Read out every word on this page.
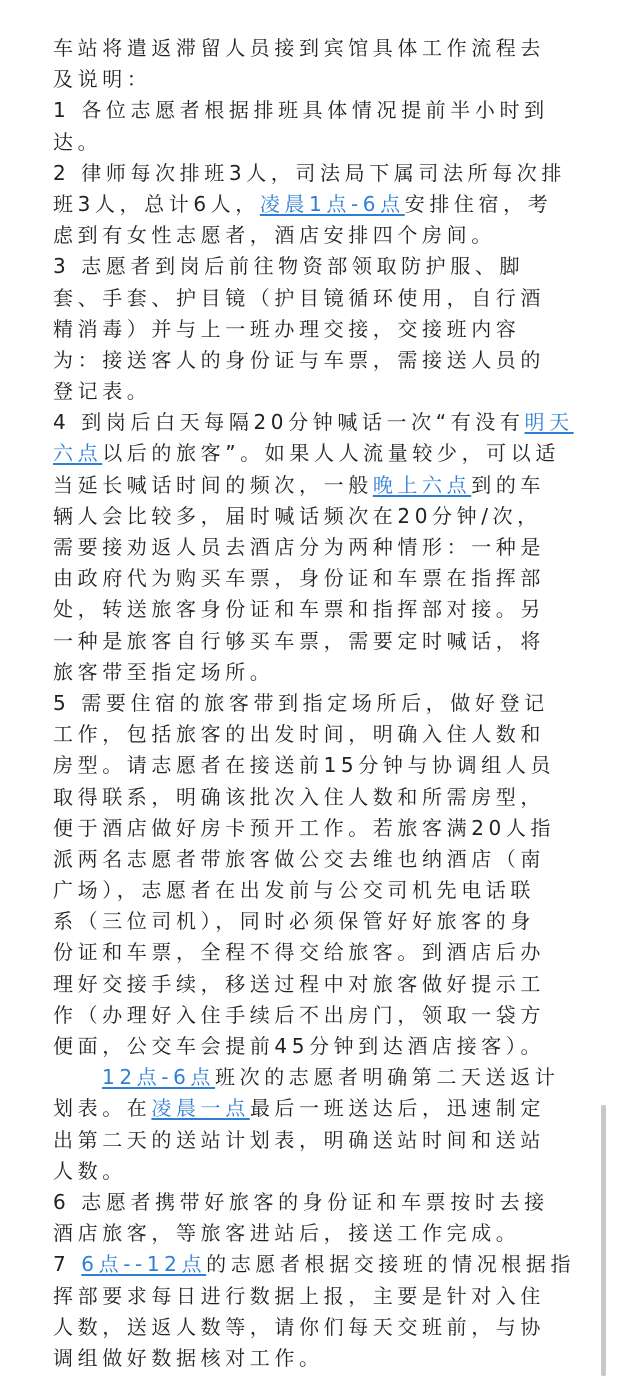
车站将遣返滞留人员接到宾馆具体工作流程去
及说明：
1 各位志愿者根据排班具体情况提前半小时到
达。
2 律师每次排班3人，司法局下属司法所每次排
班3人，总计6人，凌晨1点-6点安排住宿，考
虑到有女性志愿者，酒店安排四个房间。
3 志愿者到岗后前往物资部领取防护服、脚
套、手套、护目镜（护目镜循环使用，自行酒
精消毒）并与上一班办理交接，交接班内容
为：接送客人的身份证与车票，需接送人员的
登记表。
4 到岗后白天每隔20分钟喊话一次“有没有明天
六点以后的旅客”。如果人人流量较少，可以适
当延长喊话时间的频次，一般晚上六点到的车
辆人会比较多，届时喊话频次在20分钟/次，
需要接劝返人员去酒店分为两种情形：一种是
由政府代为购买车票，身份证和车票在指挥部
处，转送旅客身份证和车票和指挥部对接。另
一种是旅客自行够买车票，需要定时喊话，将
旅客带至指定场所。
5 需要住宿的旅客带到指定场所后，做好登记
工作，包括旅客的出发时间，明确入住人数和
房型。请志愿者在接送前15分钟与协调组人员
取得联系，明确该批次入住人数和所需房型，
便于酒店做好房卡预开工作。若旅客满20人指
派两名志愿者带旅客做公交去维也纳酒店（南
广场），志愿者在出发前与公交司机先电话联
系（三位司机），同时必须保管好好旅客的身
份证和车票，全程不得交给旅客。到酒店后办
理好交接手续，移送过程中对旅客做好提示工
作（办理好入住手续后不出房门，领取一袋方
便面，公交车会提前45分钟到达酒店接客）。
12点-6点班次的志愿者明确第二天送返计
划表。在凌晨一点最后一班送达后，迅速制定
出第二天的送站计划表，明确送站时间和送站
人数。
6 志愿者携带好旅客的身份证和车票按时去接
酒店旅客，等旅客进站后，接送工作完成。
7 6点--12点的志愿者根据交接班的情况根据指
挥部要求每日进行数据上报，主要是针对入住
人数，送返人数等，请你们每天交班前，与协
调组做好数据核对工作。
